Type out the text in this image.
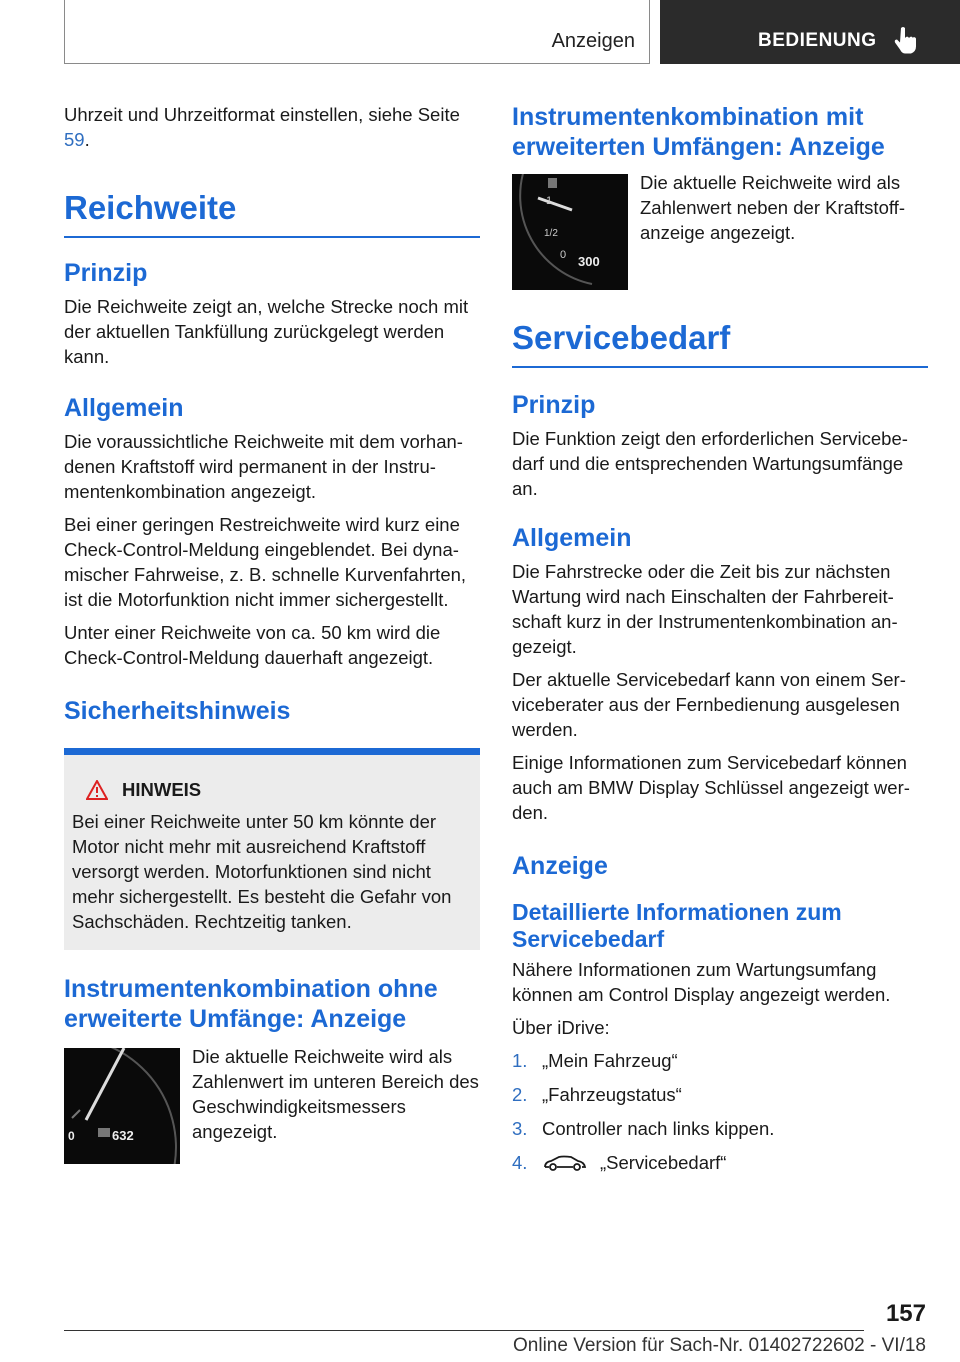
Anzeigen	BEDIENUNG

Uhrzeit und Uhrzeitformat einstellen, siehe Seite 59.

Reichweite
Prinzip

Die Reichweite zeigt an, welche Strecke noch mit der aktuellen Tankfüllung zurückgelegt werden kann.

Allgemein

Die voraussichtliche Reichweite mit dem vorhandenen Kraftstoff wird permanent in der Instrumentenkombination angezeigt.

Bei einer geringen Restreichweite wird kurz eine Check-Control-Meldung eingeblendet. Bei dynamischer Fahrweise, z. B. schnelle Kurvenfahrten, ist die Motorfunktion nicht immer sichergestellt.

Unter einer Reichweite von ca. 50 km wird die Check-Control-Meldung dauerhaft angezeigt.

Sicherheitshinweis
HINWEIS

Bei einer Reichweite unter 50 km könnte der Motor nicht mehr mit ausreichend Kraftstoff versorgt werden. Motorfunktionen sind nicht mehr sichergestellt. Es besteht die Gefahr von Sachschäden. Rechtzeitig tanken.

Instrumentenkombination ohne erweiterte Umfänge: Anzeige
0	632

Die aktuelle Reichweite wird als Zahlenwert im unteren Bereich des Geschwindigkeitsmessers angezeigt.

Instrumentenkombination mit erweiterten Umfängen: Anzeige
1
1/2
0 300

Die aktuelle Reichweite wird als Zahlenwert neben der Kraftstoffanzeige angezeigt.

Servicebedarf
Prinzip

Die Funktion zeigt den erforderlichen Servicebedarf und die entsprechenden Wartungsumfänge an.

Allgemein

Die Fahrstrecke oder die Zeit bis zur nächsten Wartung wird nach Einschalten der Fahrbereitschaft kurz in der Instrumentenkombination angezeigt.

Der aktuelle Servicebedarf kann von einem Serviceberater aus der Fernbedienung ausgelesen werden.

Einige Informationen zum Servicebedarf können auch am BMW Display Schlüssel angezeigt werden.

Anzeige
Detaillierte Informationen zum Servicebedarf

Nähere Informationen zum Wartungsumfang können am Control Display angezeigt werden.

Über iDrive:

1. „Mein Fahrzeug“
2. „Fahrzeugstatus“
3. Controller nach links kippen.
4.	„Servicebedarf“
157
Online Version für Sach-Nr. 01402722602 - VI/18
